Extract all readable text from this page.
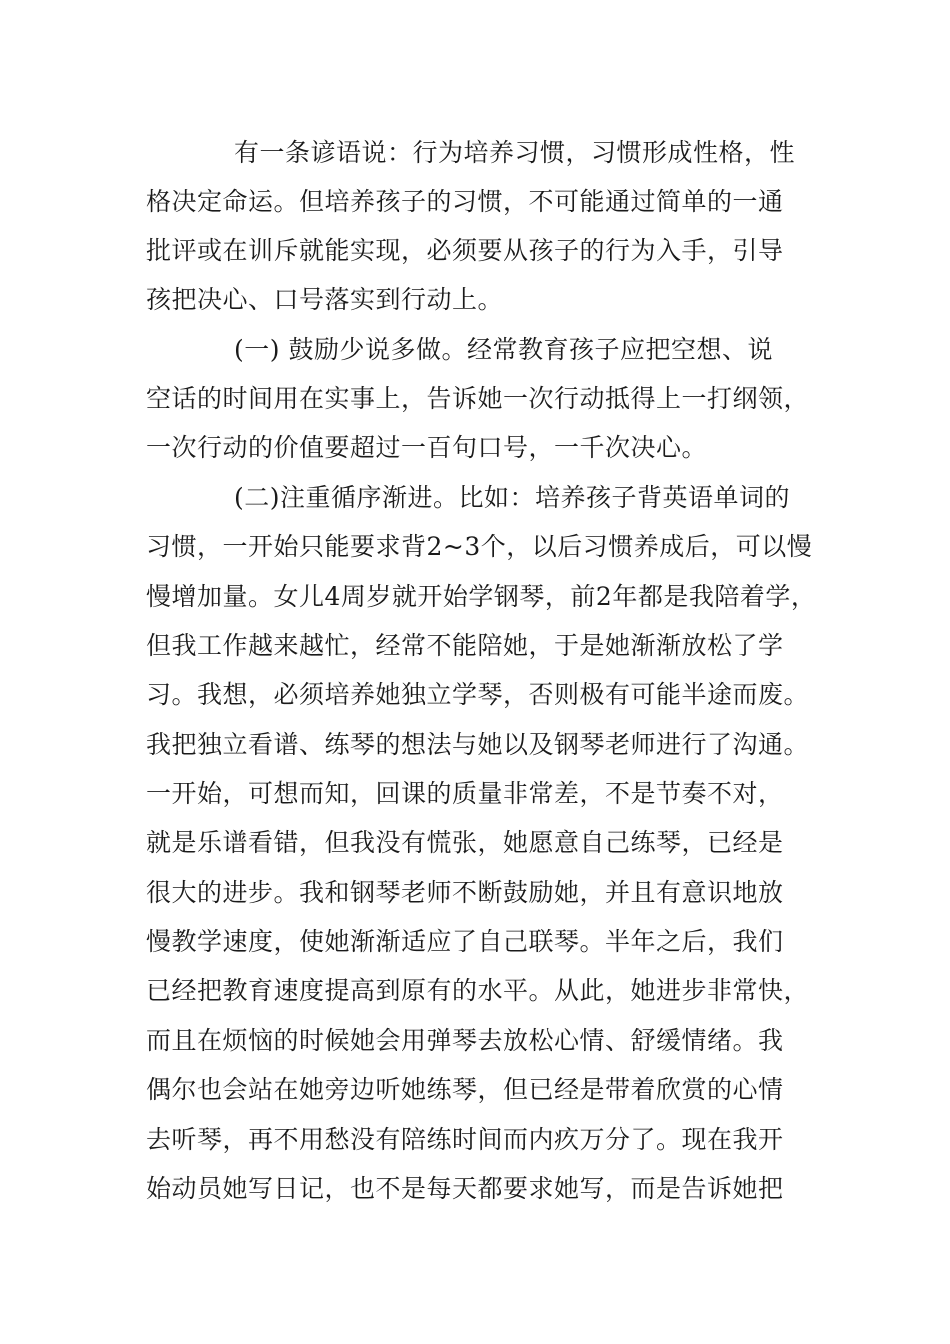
有一条谚语说：行为培养习惯，习惯形成性格，性

格决定命运。但培养孩子的习惯，不可能通过简单的一通

批评或在训斥就能实现，必须要从孩子的行为入手，引导

孩把决心、口号落实到行动上。

(一) 鼓励少说多做。经常教育孩子应把空想、说

空话的时间用在实事上，告诉她一次行动抵得上一打纲领，

一次行动的价值要超过一百句口号，一千次决心。

(二)注重循序渐进。比如：培养孩子背英语单词的

习惯，一开始只能要求背2~3个，以后习惯养成后，可以慢

慢增加量。女儿4周岁就开始学钢琴，前2年都是我陪着学，

但我工作越来越忙，经常不能陪她，于是她渐渐放松了学

习。我想，必须培养她独立学琴，否则极有可能半途而废。

我把独立看谱、练琴的想法与她以及钢琴老师进行了沟通。

一开始，可想而知，回课的质量非常差，不是节奏不对，

就是乐谱看错，但我没有慌张，她愿意自己练琴，已经是

很大的进步。我和钢琴老师不断鼓励她，并且有意识地放

慢教学速度，使她渐渐适应了自己联琴。半年之后，我们

已经把教育速度提高到原有的水平。从此，她进步非常快，

而且在烦恼的时候她会用弹琴去放松心情、舒缓情绪。我

偶尔也会站在她旁边听她练琴，但已经是带着欣赏的心情

去听琴，再不用愁没有陪练时间而内疚万分了。现在我开

始动员她写日记，也不是每天都要求她写，而是告诉她把
